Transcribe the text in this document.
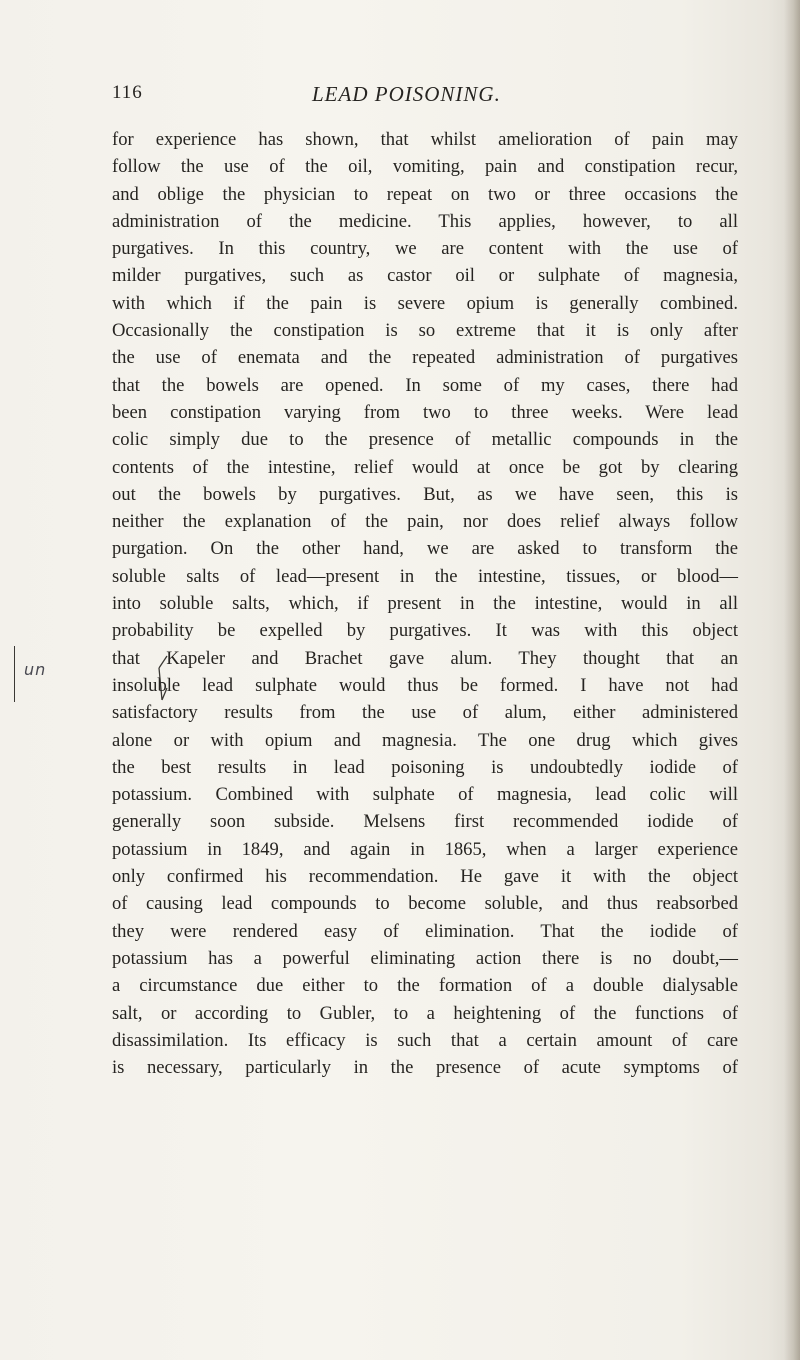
116	LEAD POISONING.
un
for experience has shown, that whilst amelioration of pain may
follow the use of the oil, vomiting, pain and constipation recur,
and oblige the physician to repeat on two or three occasions the
administration of the medicine. This applies, however, to all
purgatives. In this country, we are content with the use of
milder purgatives, such as castor oil or sulphate of magnesia,
with which if the pain is severe opium is generally combined.
Occasionally the constipation is so extreme that it is only after
the use of enemata and the repeated administration of purgatives
that the bowels are opened. In some of my cases, there had
been constipation varying from two to three weeks. Were lead
colic simply due to the presence of metallic compounds in the
contents of the intestine, relief would at once be got by clearing
out the bowels by purgatives. But, as we have seen, this is
neither the explanation of the pain, nor does relief always follow
purgation. On the other hand, we are asked to transform the
soluble salts of lead—present in the intestine, tissues, or blood—
into soluble salts, which, if present in the intestine, would in all
probability be expelled by purgatives. It was with this object
that Kapeler and Brachet gave alum. They thought that an
insoluble lead sulphate would thus be formed. I have not had
satisfactory results from the use of alum, either administered
alone or with opium and magnesia. The one drug which gives
the best results in lead poisoning is undoubtedly iodide of
potassium. Combined with sulphate of magnesia, lead colic will
generally soon subside. Melsens first recommended iodide of
potassium in 1849, and again in 1865, when a larger experience
only confirmed his recommendation. He gave it with the object
of causing lead compounds to become soluble, and thus reabsorbed
they were rendered easy of elimination. That the iodide of
potassium has a powerful eliminating action there is no doubt,—
a circumstance due either to the formation of a double dialysable
salt, or according to Gubler, to a heightening of the functions of
disassimilation. Its efficacy is such that a certain amount of care
is necessary, particularly in the presence of acute symptoms of
